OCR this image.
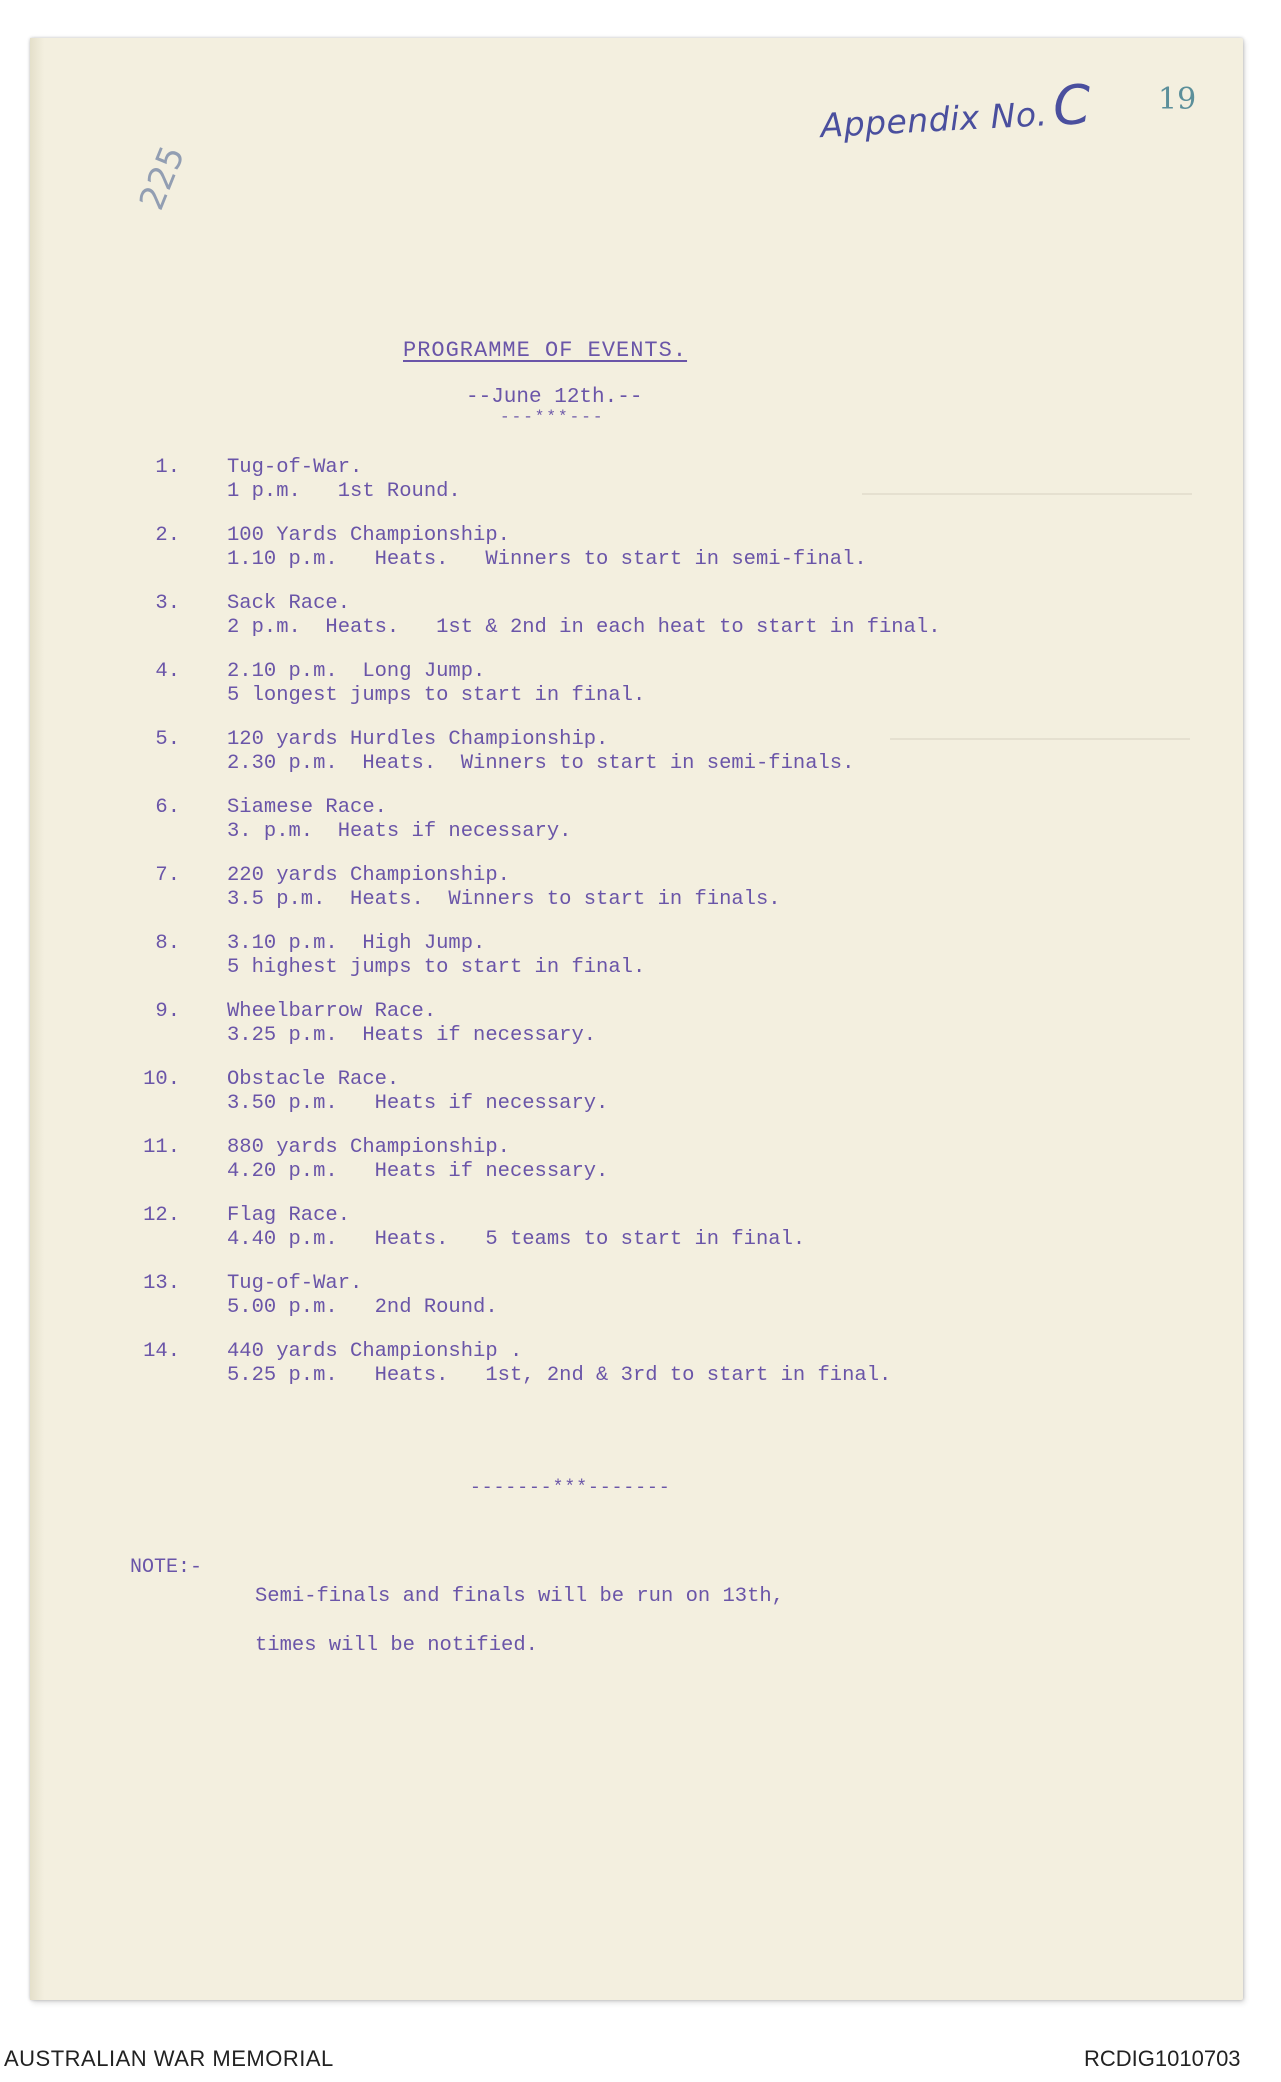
Appendix No.C 19
225
PROGRAMME OF EVENTS.
--June 12th.--
---***---
1. Tug-of-War.
1 p.m.   1st Round.
2. 100 Yards Championship.
1.10 p.m.   Heats.   Winners to start in semi-final.
3. Sack Race.
2 p.m.  Heats.   1st & 2nd in each heat to start in final.
4. 2.10 p.m.  Long Jump.
5 longest jumps to start in final.
5. 120 yards Hurdles Championship.
2.30 p.m.  Heats.  Winners to start in semi-finals.
6. Siamese Race.
3. p.m.  Heats if necessary.
7. 220 yards Championship.
3.5 p.m.  Heats.  Winners to start in finals.
8. 3.10 p.m.  High Jump.
5 highest jumps to start in final.
9. Wheelbarrow Race.
3.25 p.m.  Heats if necessary.
10. Obstacle Race.
3.50 p.m.   Heats if necessary.
11. 880 yards Championship.
4.20 p.m.   Heats if necessary.
12. Flag Race.
4.40 p.m.   Heats.   5 teams to start in final.
13. Tug-of-War.
5.00 p.m.   2nd Round.
14. 440 yards Championship .
5.25 p.m.   Heats.   1st, 2nd & 3rd to start in final.
-------***-------
NOTE:-
Semi-finals and finals will be run on 13th,
times will be notified.
AUSTRALIAN WAR MEMORIAL	RCDIG1010703
